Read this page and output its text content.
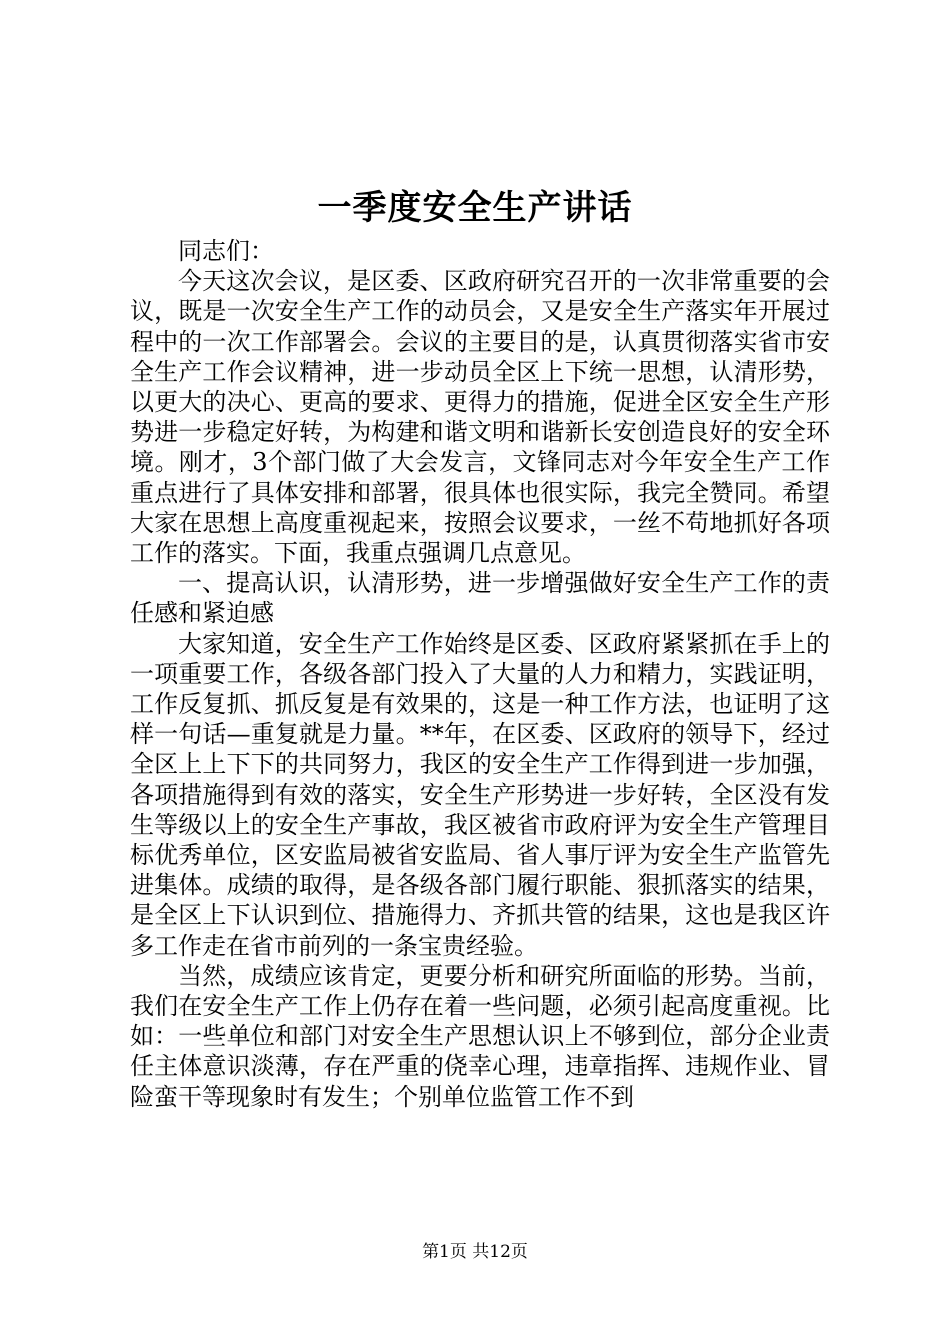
一季度安全生产讲话

同志们：

今天这次会议，是区委、区政府研究召开的一次非常重要的会议，既是一次安全生产工作的动员会，又是安全生产落实年开展过程中的一次工作部署会。会议的主要目的是，认真贯彻落实省市安全生产工作会议精神，进一步动员全区上下统一思想，认清形势，以更大的决心、更高的要求、更得力的措施，促进全区安全生产形势进一步稳定好转，为构建和谐文明和谐新长安创造良好的安全环境。刚才，3个部门做了大会发言，文锋同志对今年安全生产工作重点进行了具体安排和部署，很具体也很实际，我完全赞同。希望大家在思想上高度重视起来，按照会议要求，一丝不苟地抓好各项工作的落实。下面，我重点强调几点意见。

一、提高认识，认清形势，进一步增强做好安全生产工作的责任感和紧迫感

大家知道，安全生产工作始终是区委、区政府紧紧抓在手上的一项重要工作，各级各部门投入了大量的人力和精力，实践证明，工作反复抓、抓反复是有效果的，这是一种工作方法，也证明了这样一句话—重复就是力量。**年，在区委、区政府的领导下，经过全区上上下下的共同努力，我区的安全生产工作得到进一步加强，各项措施得到有效的落实，安全生产形势进一步好转，全区没有发生等级以上的安全生产事故，我区被省市政府评为安全生产管理目标优秀单位，区安监局被省安监局、省人事厅评为安全生产监管先进集体。成绩的取得，是各级各部门履行职能、狠抓落实的结果，是全区上下认识到位、措施得力、齐抓共管的结果，这也是我区许多工作走在省市前列的一条宝贵经验。

当然，成绩应该肯定，更要分析和研究所面临的形势。当前，我们在安全生产工作上仍存在着一些问题，必须引起高度重视。比如：一些单位和部门对安全生产思想认识上不够到位，部分企业责任主体意识淡薄，存在严重的侥幸心理，违章指挥、违规作业、冒险蛮干等现象时有发生；个别单位监管工作不到

第1页 共12页
